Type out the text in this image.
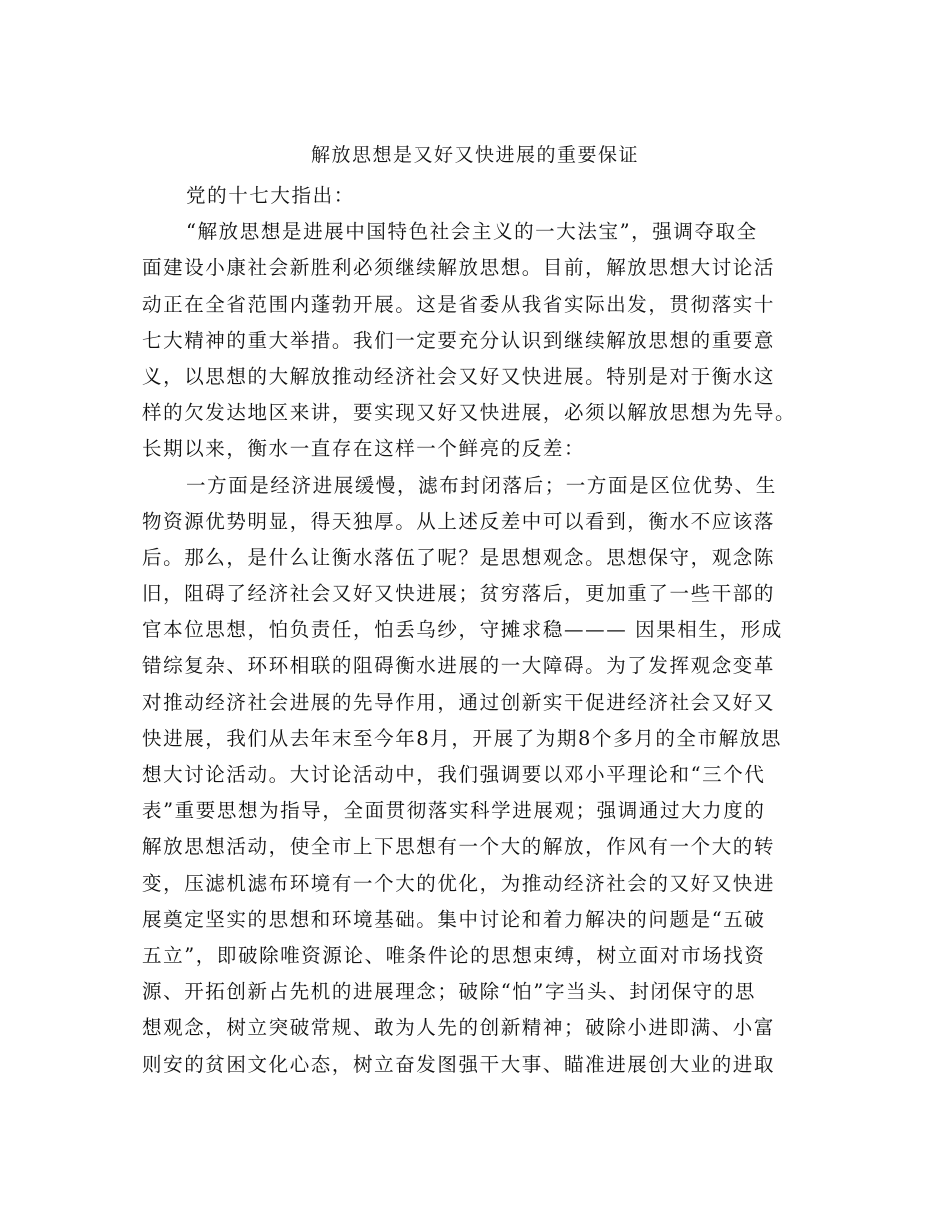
解放思想是又好又快进展的重要保证
党的十七大指出：
“解放思想是进展中国特色社会主义的一大法宝”，强调夺取全
面建设小康社会新胜利必须继续解放思想。目前，解放思想大讨论活
动正在全省范围内蓬勃开展。这是省委从我省实际出发，贯彻落实十
七大精神的重大举措。我们一定要充分认识到继续解放思想的重要意
义，以思想的大解放推动经济社会又好又快进展。特别是对于衡水这
样的欠发达地区来讲，要实现又好又快进展，必须以解放思想为先导。
长期以来，衡水一直存在这样一个鲜亮的反差：
一方面是经济进展缓慢，滤布封闭落后；一方面是区位优势、生
物资源优势明显，得天独厚。从上述反差中可以看到，衡水不应该落
后。那么，是什么让衡水落伍了呢？是思想观念。思想保守，观念陈
旧，阻碍了经济社会又好又快进展；贫穷落后，更加重了一些干部的
官本位思想，怕负责任，怕丢乌纱，守摊求稳——— 因果相生，形成
错综复杂、环环相联的阻碍衡水进展的一大障碍。为了发挥观念变革
对推动经济社会进展的先导作用，通过创新实干促进经济社会又好又
快进展，我们从去年末至今年8月，开展了为期8个多月的全市解放思
想大讨论活动。大讨论活动中，我们强调要以邓小平理论和“三个代
表”重要思想为指导，全面贯彻落实科学进展观；强调通过大力度的
解放思想活动，使全市上下思想有一个大的解放，作风有一个大的转
变，压滤机滤布环境有一个大的优化，为推动经济社会的又好又快进
展奠定坚实的思想和环境基础。集中讨论和着力解决的问题是“五破
五立”，即破除唯资源论、唯条件论的思想束缚，树立面对市场找资
源、开拓创新占先机的进展理念；破除“怕”字当头、封闭保守的思
想观念，树立突破常规、敢为人先的创新精神；破除小进即满、小富
则安的贫困文化心态，树立奋发图强干大事、瞄准进展创大业的进取
